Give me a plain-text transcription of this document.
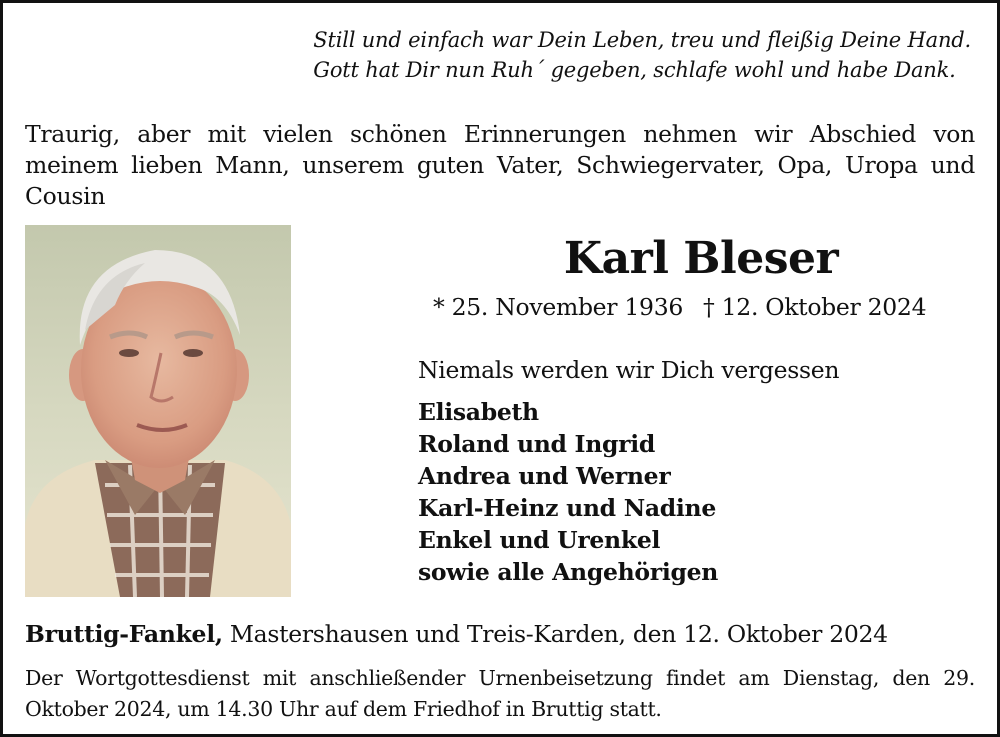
Still und einfach war Dein Leben, treu und fleißig Deine Hand.
Gott hat Dir nun Ruh´ gegeben, schlafe wohl und habe Dank.
Traurig, aber mit vielen schönen Erinnerungen nehmen wir Abschied von meinem lieben Mann, unserem guten Vater, Schwiegervater, Opa, Uropa und Cousin
Karl Bleser
* 25. November 1936 † 12. Oktober 2024
Niemals werden wir Dich vergessen
Elisabeth
Roland und Ingrid
Andrea und Werner
Karl-Heinz und Nadine
Enkel und Urenkel
sowie alle Angehörigen
Bruttig-Fankel, Mastershausen und Treis-Karden, den 12. Oktober 2024
Der Wortgottesdienst mit anschließender Urnenbeisetzung findet am Dienstag, den 29. Oktober 2024, um 14.30 Uhr auf dem Friedhof in Bruttig statt.
